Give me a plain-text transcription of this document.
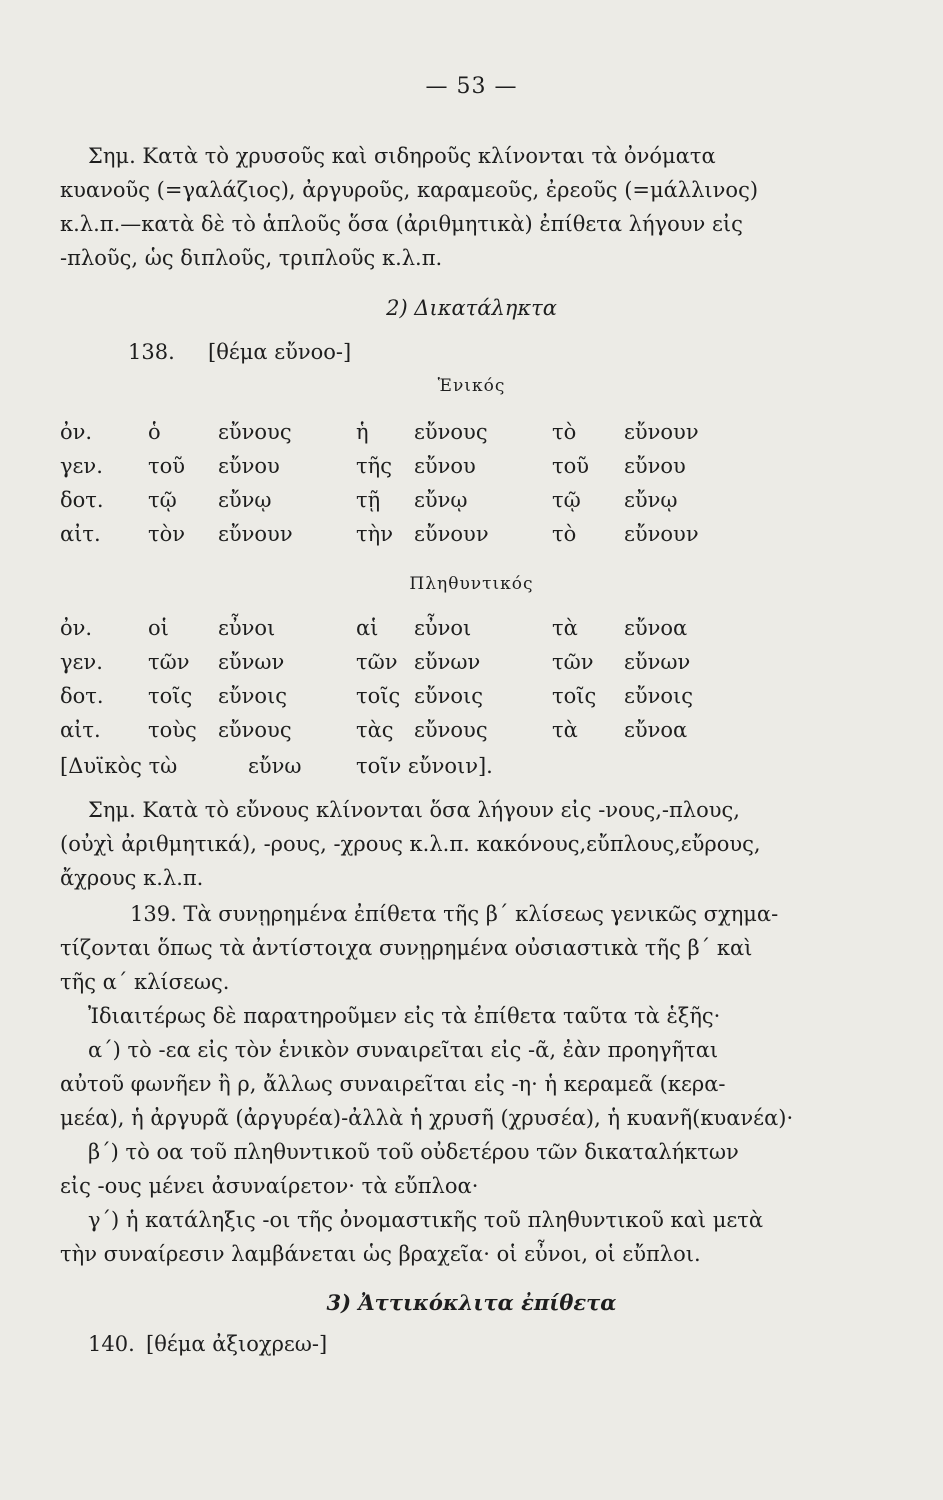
— 53 —
Σημ. Κατὰ τὸ χρυσοῦς καὶ σιδηροῦς κλίνονται τὰ ὀνόματα
κυανοῦς (=γαλάζιος), ἀργυροῦς, καραμεοῦς, ἐρεοῦς (=μάλλινος)
κ.λ.π.—κατὰ δὲ τὸ ἁπλοῦς ὅσα (ἀριθμητικὰ) ἐπίθετα λήγουν εἰς
-πλοῦς, ὡς διπλοῦς, τριπλοῦς κ.λ.π.
2) Δικατάληκτα
138. [θέμα εὔνοο-]
Ἑνικός
ὀν.	ὁ	εὔνους	ἡ εὔνους	τὸ εὔνουν
γεν. τοῦ εὔνου	τῆς εὔνου	τοῦ εὔνου
δοτ. τῷ εὔνῳ	τῇ εὔνῳ	τῷ εὔνῳ
αἰτ. τὸν εὔνουν	τὴν εὔνουν	τὸ εὔνουν
Πληθυντικός
ὀν.	οἱ εὖνοι	αἱ εὖνοι	τὰ εὔνοα
γεν. τῶν εὔνων	τῶν εὔνων	τῶν εὔνων
δοτ. τοῖς εὔνοις	τοῖς εὔνοις	τοῖς εὔνοις
αἰτ. τοὺς εὔνους	τὰς εὔνους	τὰ εὔνοα
[Δυϊκὸς τὼ	εὔνω	τοῖν εὔνοιν].
Σημ. Κατὰ τὸ εὔνους κλίνονται ὅσα λήγουν εἰς -νους,-πλους,
(οὐχὶ ἀριθμητικά), -ρους, -χρους κ.λ.π. κακόνους,εὔπλους,εὔρους,
ἄχρους κ.λ.π.
139. Τὰ συνῃρημένα ἐπίθετα τῆς β΄ κλίσεως γενικῶς σχημα-
τίζονται ὅπως τὰ ἀντίστοιχα συνῃρημένα οὐσιαστικὰ τῆς β΄ καὶ
τῆς α΄ κλίσεως.
Ἰδιαιτέρως δὲ παρατηροῦμεν εἰς τὰ ἐπίθετα ταῦτα τὰ ἑξῆς·
α΄) τὸ -εα εἰς τὸν ἑνικὸν συναιρεῖται εἰς -ᾶ, ἐὰν προηγῆται
αὐτοῦ φωνῆεν ἢ ρ, ἄλλως συναιρεῖται εἰς -η· ἡ κεραμεᾶ (κερα-
μεέα), ἡ ἀργυρᾶ (ἀργυρέα)-ἀλλὰ ἡ χρυσῆ (χρυσέα), ἡ κυανῆ(κυανέα)·
β΄) τὸ οα τοῦ πληθυντικοῦ τοῦ οὐδετέρου τῶν δικαταλήκτων
εἰς -ους μένει ἀσυναίρετον· τὰ εὔπλοα·
γ΄) ἡ κατάληξις -οι τῆς ὀνομαστικῆς τοῦ πληθυντικοῦ καὶ μετὰ
τὴν συναίρεσιν λαμβάνεται ὡς βραχεῖα· οἱ εὖνοι, οἱ εὔπλοι.
3) Ἀττικόκλιτα ἐπίθετα
140. [θέμα ἀξιοχρεω-]
